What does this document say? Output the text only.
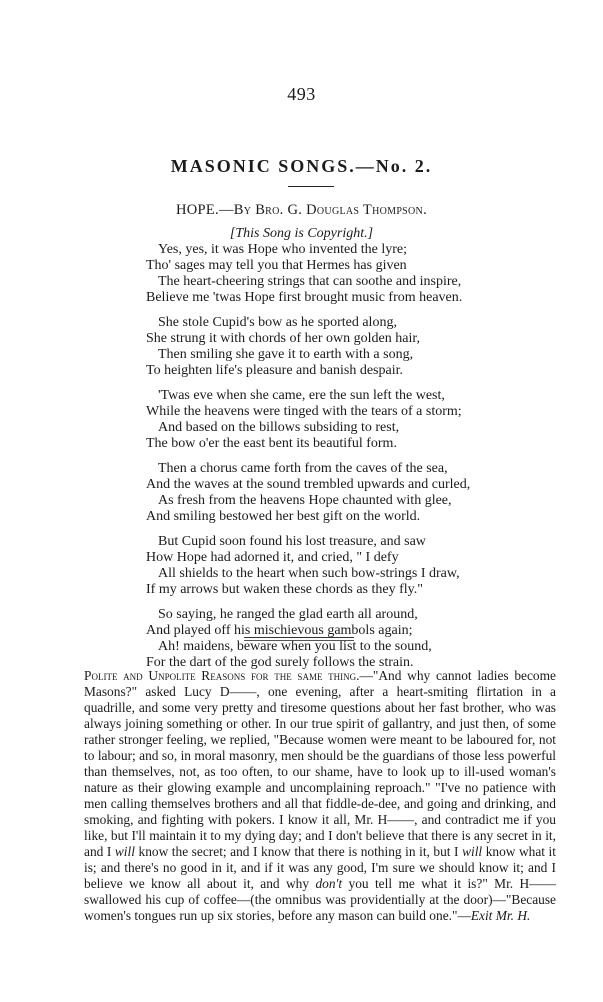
493
MASONIC SONGS.—No. 2.
HOPE.—By Bro. G. Douglas Thompson.
[This Song is Copyright.]
Yes, yes, it was Hope who invented the lyre;
Tho' sages may tell you that Hermes has given
The heart-cheering strings that can soothe and inspire,
Believe me 'twas Hope first brought music from heaven.
She stole Cupid's bow as he sported along,
She strung it with chords of her own golden hair,
Then smiling she gave it to earth with a song,
To heighten life's pleasure and banish despair.
'Twas eve when she came, ere the sun left the west,
While the heavens were tinged with the tears of a storm;
And based on the billows subsiding to rest,
The bow o'er the east bent its beautiful form.
Then a chorus came forth from the caves of the sea,
And the waves at the sound trembled upwards and curled,
As fresh from the heavens Hope chaunted with glee,
And smiling bestowed her best gift on the world.
But Cupid soon found his lost treasure, and saw
How Hope had adorned it, and cried, " I defy
All shields to the heart when such bow-strings I draw,
If my arrows but waken these chords as they fly."
So saying, he ranged the glad earth all around,
And played off his mischievous gambols again;
Ah! maidens, beware when you list to the sound,
For the dart of the god surely follows the strain.
Polite and Unpolite Reasons for the same thing.—"And why cannot ladies become Masons?" asked Lucy D——, one evening, after a heart-smiting flirtation in a quadrille, and some very pretty and tiresome questions about her fast brother, who was always joining something or other. In our true spirit of gallantry, and just then, of some rather stronger feeling, we replied, "Because women were meant to be laboured for, not to labour; and so, in moral masonry, men should be the guardians of those less powerful than themselves, not, as too often, to our shame, have to look up to ill-used woman's nature as their glowing example and uncomplaining reproach." "I've no patience with men calling themselves brothers and all that fiddle-de-dee, and going and drinking, and smoking, and fighting with pokers. I know it all, Mr. H——, and contradict me if you like, but I'll maintain it to my dying day; and I don't believe that there is any secret in it, and I will know the secret; and I know that there is nothing in it, but I will know what it is; and there's no good in it, and if it was any good, I'm sure we should know it; and I believe we know all about it, and why don't you tell me what it is?" Mr. H—— swallowed his cup of coffee—(the omnibus was providentially at the door)—"Because women's tongues run up six stories, before any mason can build one."—Exit Mr. H.
